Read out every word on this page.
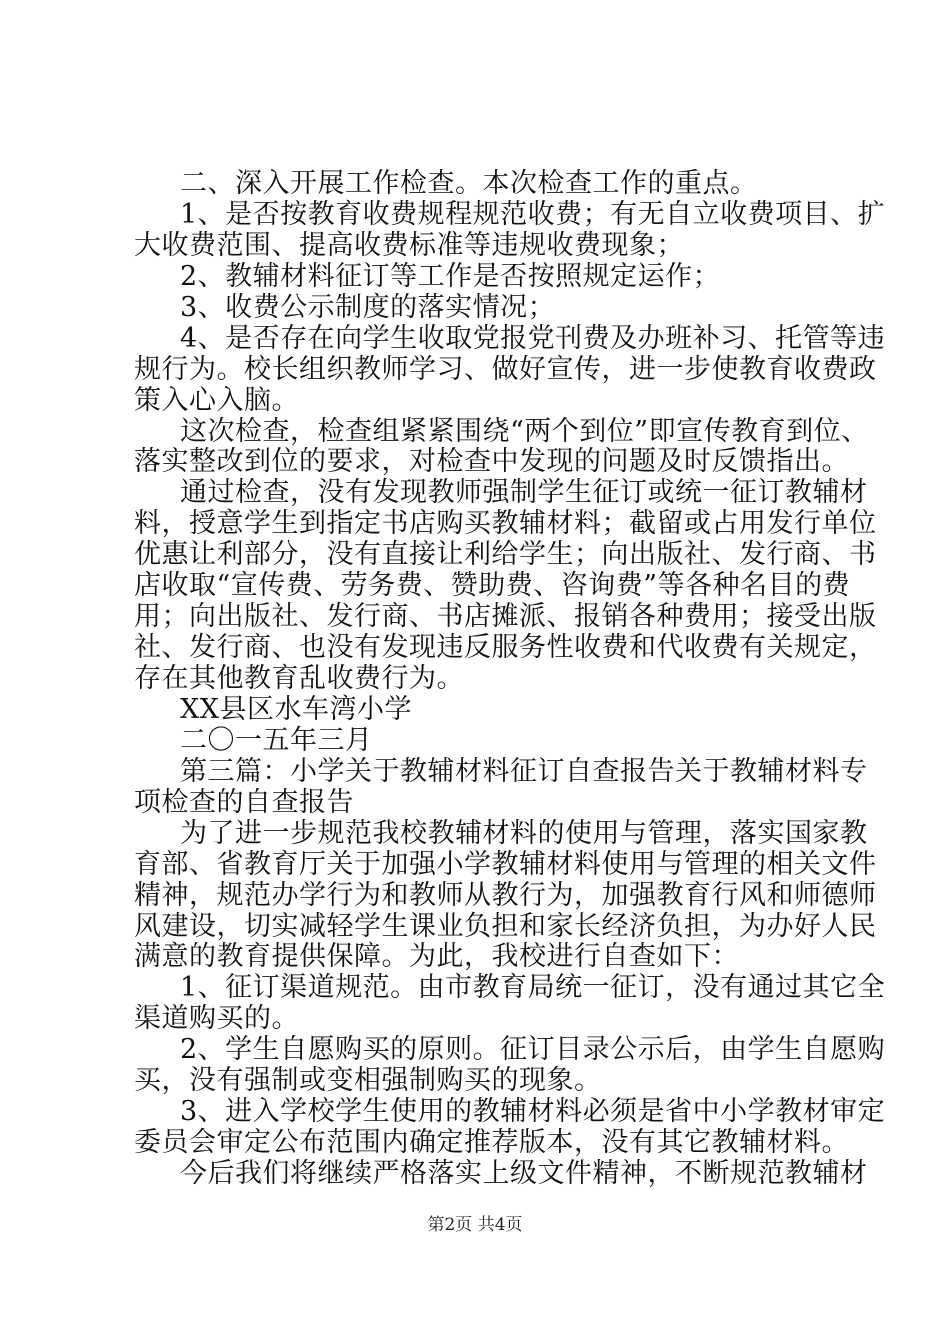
二、深入开展工作检查。本次检查工作的重点。
1、是否按教育收费规程规范收费；有无自立收费项目、扩
大收费范围、提高收费标准等违规收费现象；
2、教辅材料征订等工作是否按照规定运作；
3、收费公示制度的落实情况；
4、是否存在向学生收取党报党刊费及办班补习、托管等违
规行为。校长组织教师学习、做好宣传，进一步使教育收费政
策入心入脑。
这次检查，检查组紧紧围绕“两个到位”即宣传教育到位、
落实整改到位的要求，对检查中发现的问题及时反馈指出。
通过检查，没有发现教师强制学生征订或统一征订教辅材
料，授意学生到指定书店购买教辅材料；截留或占用发行单位
优惠让利部分，没有直接让利给学生；向出版社、发行商、书
店收取“宣传费、劳务费、赞助费、咨询费”等各种名目的费
用；向出版社、发行商、书店摊派、报销各种费用；接受出版
社、发行商、也没有发现违反服务性收费和代收费有关规定，
存在其他教育乱收费行为。
XX县区水车湾小学
二〇一五年三月
第三篇：小学关于教辅材料征订自查报告关于教辅材料专
项检查的自查报告
为了进一步规范我校教辅材料的使用与管理，落实国家教
育部、省教育厅关于加强小学教辅材料使用与管理的相关文件
精神，规范办学行为和教师从教行为，加强教育行风和师德师
风建设，切实减轻学生课业负担和家长经济负担，为办好人民
满意的教育提供保障。为此，我校进行自查如下：
1、征订渠道规范。由市教育局统一征订，没有通过其它全
渠道购买的。
2、学生自愿购买的原则。征订目录公示后，由学生自愿购
买，没有强制或变相强制购买的现象。
3、进入学校学生使用的教辅材料必须是省中小学教材审定
委员会审定公布范围内确定推荐版本，没有其它教辅材料。
今后我们将继续严格落实上级文件精神，不断规范教辅材
第2页 共4页
